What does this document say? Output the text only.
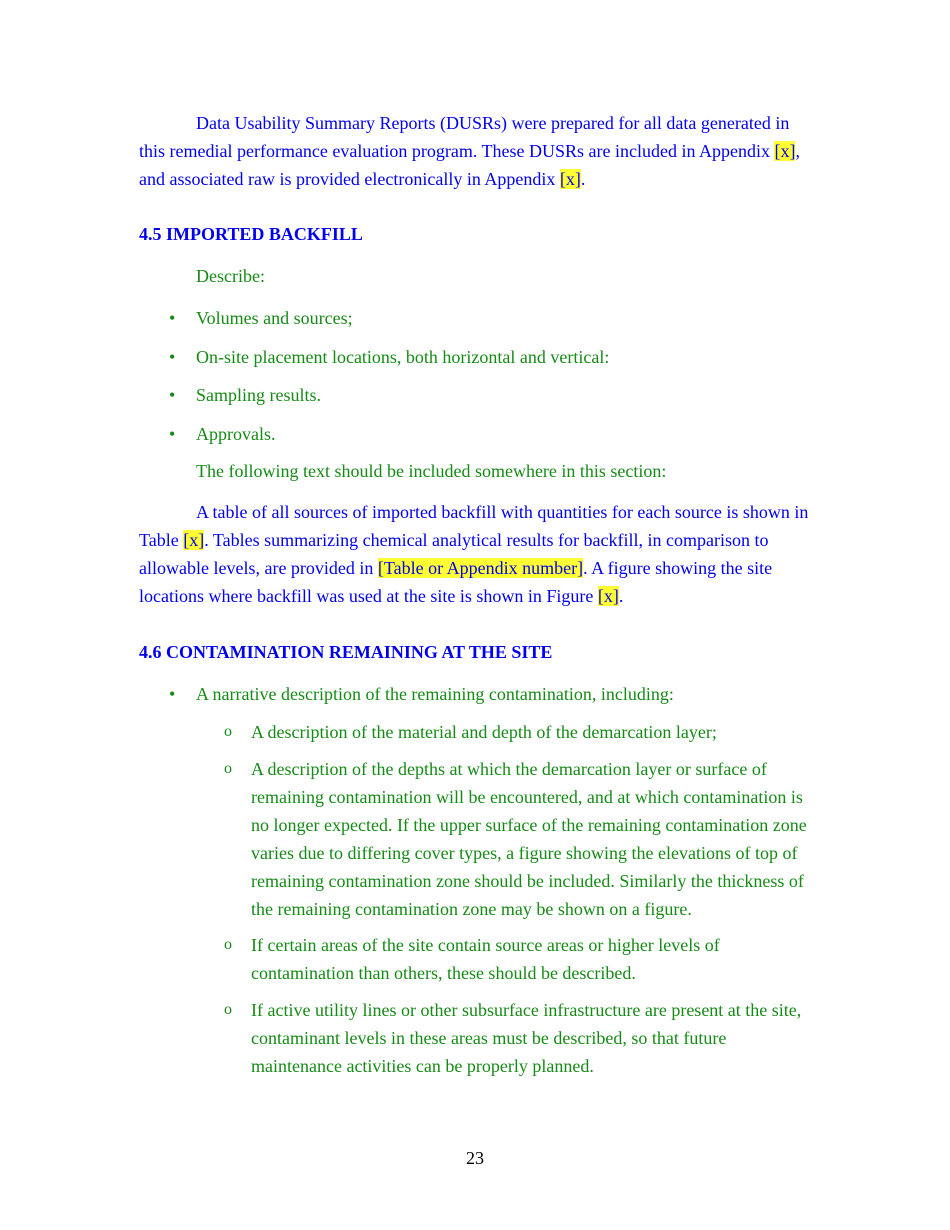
Data Usability Summary Reports (DUSRs) were prepared for all data generated in this remedial performance evaluation program. These DUSRs are included in Appendix [x], and associated raw is provided electronically in Appendix [x].

4.5 IMPORTED BACKFILL

Describe:

•	Volumes and sources;

•	On-site placement locations, both horizontal and vertical:

•	Sampling results.

•	Approvals.

The following text should be included somewhere in this section:

A table of all sources of imported backfill with quantities for each source is shown in Table [x]. Tables summarizing chemical analytical results for backfill, in comparison to allowable levels, are provided in [Table or Appendix number]. A figure showing the site locations where backfill was used at the site is shown in Figure [x].

4.6 CONTAMINATION REMAINING AT THE SITE

•	A narrative description of the remaining contamination, including:

o A description of the material and depth of the demarcation layer;

o A description of the depths at which the demarcation layer or surface of remaining contamination will be encountered, and at which contamination is no longer expected. If the upper surface of the remaining contamination zone varies due to differing cover types, a figure showing the elevations of top of remaining contamination zone should be included. Similarly the thickness of the remaining contamination zone may be shown on a figure.

o If certain areas of the site contain source areas or higher levels of contamination than others, these should be described.

o If active utility lines or other subsurface infrastructure are present at the site, contaminant levels in these areas must be described, so that future maintenance activities can be properly planned.

23
